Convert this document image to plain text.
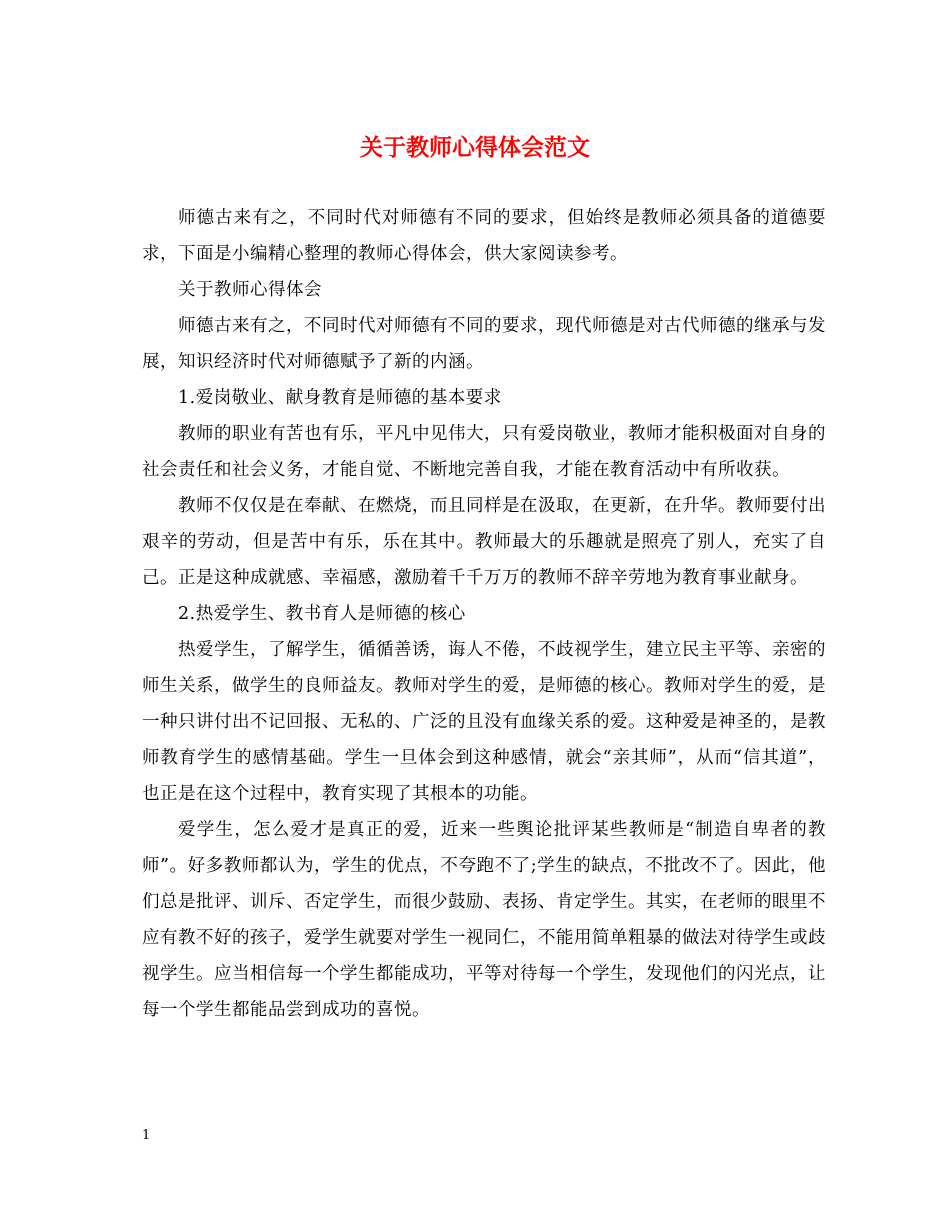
关于教师心得体会范文

师德古来有之，不同时代对师德有不同的要求，但始终是教师必须具备的道德要求，下面是小编精心整理的教师心得体会，供大家阅读参考。

关于教师心得体会

师德古来有之，不同时代对师德有不同的要求，现代师德是对古代师德的继承与发展，知识经济时代对师德赋予了新的内涵。

1.爱岗敬业、献身教育是师德的基本要求

教师的职业有苦也有乐，平凡中见伟大，只有爱岗敬业，教师才能积极面对自身的社会责任和社会义务，才能自觉、不断地完善自我，才能在教育活动中有所收获。

教师不仅仅是在奉献、在燃烧，而且同样是在汲取，在更新，在升华。教师要付出艰辛的劳动，但是苦中有乐，乐在其中。教师最大的乐趣就是照亮了别人，充实了自己。正是这种成就感、幸福感，激励着千千万万的教师不辞辛劳地为教育事业献身。

2.热爱学生、教书育人是师德的核心

热爱学生，了解学生，循循善诱，诲人不倦，不歧视学生，建立民主平等、亲密的师生关系，做学生的良师益友。教师对学生的爱，是师德的核心。教师对学生的爱，是一种只讲付出不记回报、无私的、广泛的且没有血缘关系的爱。这种爱是神圣的，是教师教育学生的感情基础。学生一旦体会到这种感情，就会“亲其师”，从而“信其道”，也正是在这个过程中，教育实现了其根本的功能。

爱学生，怎么爱才是真正的爱，近来一些舆论批评某些教师是“制造自卑者的教师”。好多教师都认为，学生的优点，不夸跑不了;学生的缺点，不批改不了。因此，他们总是批评、训斥、否定学生，而很少鼓励、表扬、肯定学生。其实，在老师的眼里不应有教不好的孩子，爱学生就要对学生一视同仁，不能用简单粗暴的做法对待学生或歧视学生。应当相信每一个学生都能成功，平等对待每一个学生，发现他们的闪光点，让每一个学生都能品尝到成功的喜悦。

1
